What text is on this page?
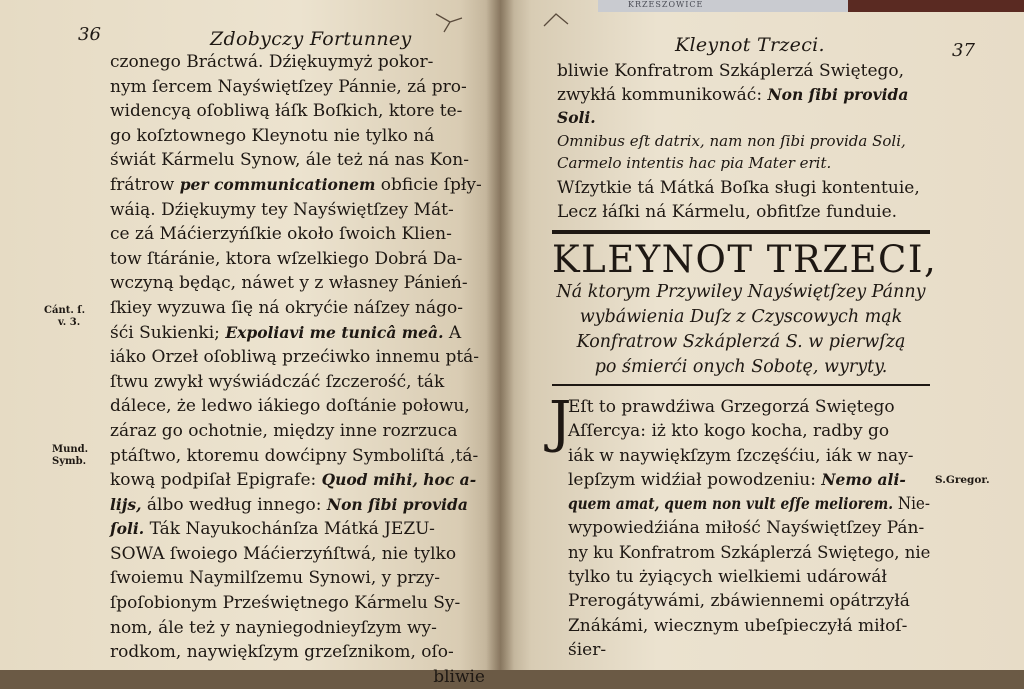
KRZESZOWICE
36	Zdobyczy Fortunney
czonego Bráctwá. Dźiękuymyż pokor-
nym ſercem Nayświętſzey Pánnie, zá pro-
widencyą oſobliwą łáſk Boſkich, ktore te-
go koſztownego Kleynotu nie tylko ná
świát Kármelu Synow, ále też ná nas Kon-
frátrow per communicationem obficie ſpły-
wáią. Dźiękuymy tey Nayświętſzey Mát-
ce zá Máćierzyńſkie około ſwoich Klien-
tow ſtáránie, ktora wſzelkiego Dobrá Da-
wczyną będąc, náwet y z własney Pánień-
ſkiey wyzuwa ſię ná okryćie náſzey nágo-
śći Sukienki; Expoliavi me tunicâ meâ. A
iáko Orzeł oſobliwą przećiwko innemu ptá-
ſtwu zwykł wyświádczáć ſzczerość, ták
dálece, że ledwo iákiego doſtánie połowu,
záraz go ochotnie, między inne rozrzuca
ptáſtwo, ktoremu dowćipny Symboliſtá ,tá-
kową podpiſał Epigrafe: Quod mihi, hoc a-
lijs, álbo według innego: Non ſibi provida
ſoli. Ták Nayukochánſza Mátká JEZU-
SOWA ſwoiego Máćierzyńſtwá, nie tylko
ſwoiemu Naymilſzemu Synowi, y przy-
ſpoſobionym Przeświętnego Kármelu Sy-
nom, ále też y nayniegodnieyſzym wy-
rodkom, naywiękſzym grzeſznikom, oſo-
bliwie
Cánt. ſ.
v. 3.
Mund.
Symb.
Kleynot Trzeci.	37
bliwie Konfratrom Szkáplerzá Swiętego,
zwykłá kommunikowáć: Non ſibi provida
Soli.
Omnibus eſt datrix, nam non ſibi provida Soli,
Carmelo intentis hac pia Mater erit.
Wſzytkie tá Mátká Boſka sługi kontentuie,
Lecz łáſki ná Kármelu, obfitſze funduie.
KLEYNOT TRZECI,
Ná ktorym Przywiley Nayświętſzey Pánny
wybáwienia Duſz z Czyscowych mąk
Konfratrow Szkáplerzá S. w pierwſzą
po śmierći onych Sobotę, wyryty.
J
Eſt to prawdźiwa Grzegorzá Swiętego
Aſſercya: iż kto kogo kocha, radby go
iák w naywiękſzym ſzczęśćiu, iák w nay-
lepſzym widźiał powodzeniu: Nemo ali-
quem amat, quem non vult eſſe meliorem. Nie-
wypowiedźiána miłość Nayświętſzey Pán-
ny ku Konfratrom Szkáplerzá Swiętego, nie
tylko tu żyiących wielkiemi udárowáł
Prerogátywámi, zbáwiennemi opátrzyłá
Znákámi, wiecznym ubeſpieczyłá miłoſ-
śier-
S.Gregor.
